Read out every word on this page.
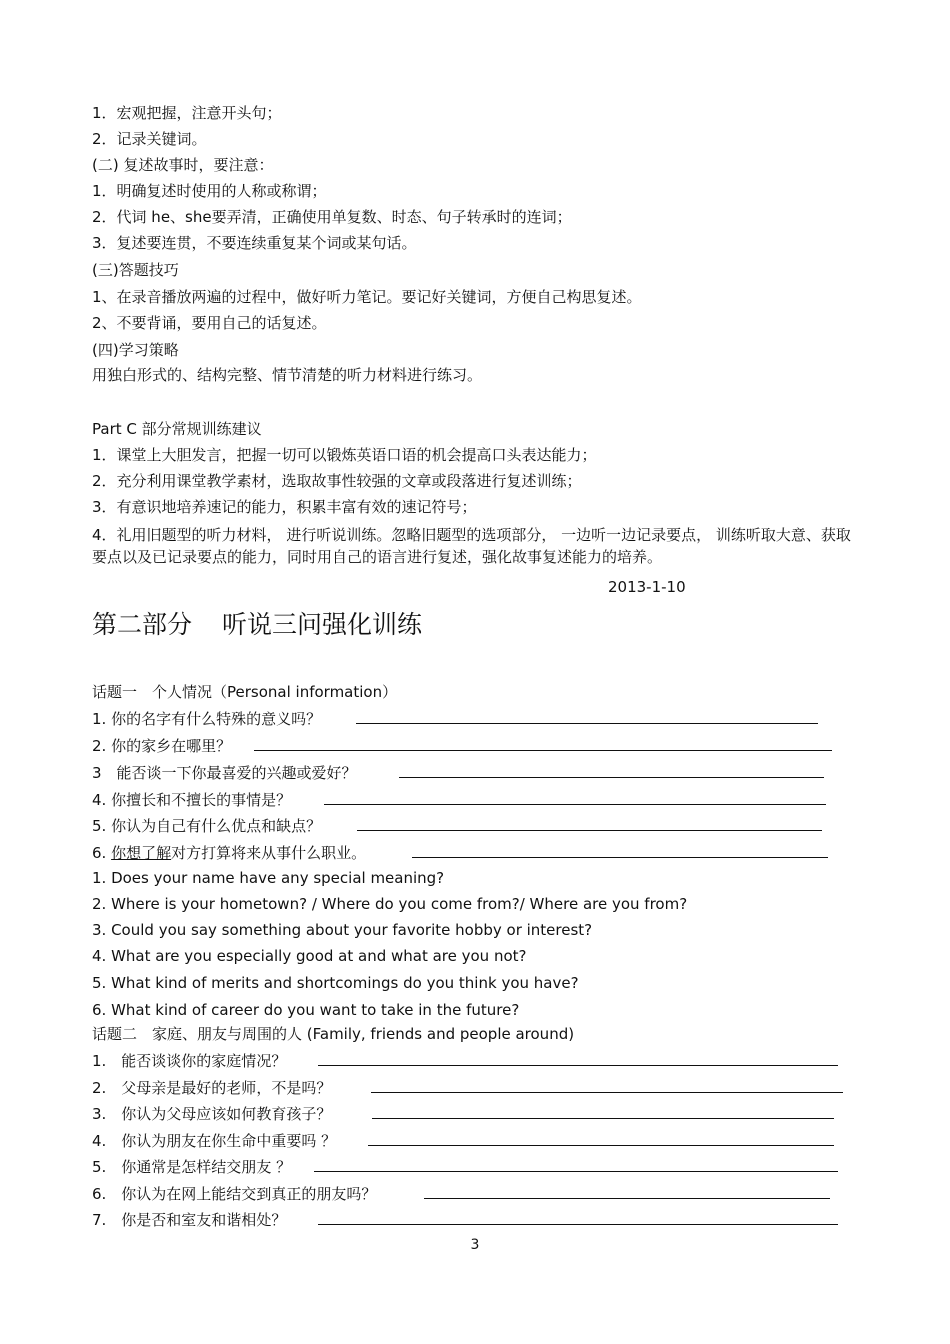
1．宏观把握，注意开头句；
2．记录关键词。
(二) 复述故事时，要注意：
1．明确复述时使用的人称或称谓；
2．代词 he、she要弄清，正确使用单复数、时态、句子转承时的连词；
3．复述要连贯，不要连续重复某个词或某句话。
(三)答题技巧
1、在录音播放两遍的过程中，做好听力笔记。要记好关键词，方便自己构思复述。
2、不要背诵，要用自己的话复述。
(四)学习策略
用独白形式的、结构完整、情节清楚的听力材料进行练习。
Part C 部分常规训练建议
1．课堂上大胆发言，把握一切可以锻炼英语口语的机会提高口头表达能力；
2．充分利用课堂教学素材，选取故事性较强的文章或段落进行复述训练；
3．有意识地培养速记的能力，积累丰富有效的速记符号；
4．礼用旧题型的听力材料， 进行听说训练。忽略旧题型的选项部分， 一边听一边记录要点， 训练听取大意、获取要点以及已记录要点的能力，同时用自己的语言进行复述，强化故事复述能力的培养。
2013-1-10
第二部分 听说三问强化训练
话题一　个人情况（Personal information）
1. 你的名字有什么特殊的意义吗？
2. 你的家乡在哪里？
3　能否谈一下你最喜爱的兴趣或爱好？
4. 你擅长和不擅长的事情是？
5. 你认为自己有什么优点和缺点？
6. 你想了解对方打算将来从事什么职业。
1. Does your name have any special meaning?
2. Where is your hometown? / Where do you come from?/ Where are you from?
3. Could you say something about your favorite hobby or interest?
4. What are you especially good at and what are you not?
5. What kind of merits and shortcomings do you think you have?
6. What kind of career do you want to take in the future?
话题二　家庭、朋友与周围的人 (Family, friends and people around)
1.　能否谈谈你的家庭情况？
2.　父母亲是最好的老师，不是吗？
3.　你认为父母应该如何教育孩子？
4.　你认为朋友在你生命中重要吗 ？
5.　你通常是怎样结交朋友 ？
6.　你认为在网上能结交到真正的朋友吗？
7.　你是否和室友和谐相处？
3
